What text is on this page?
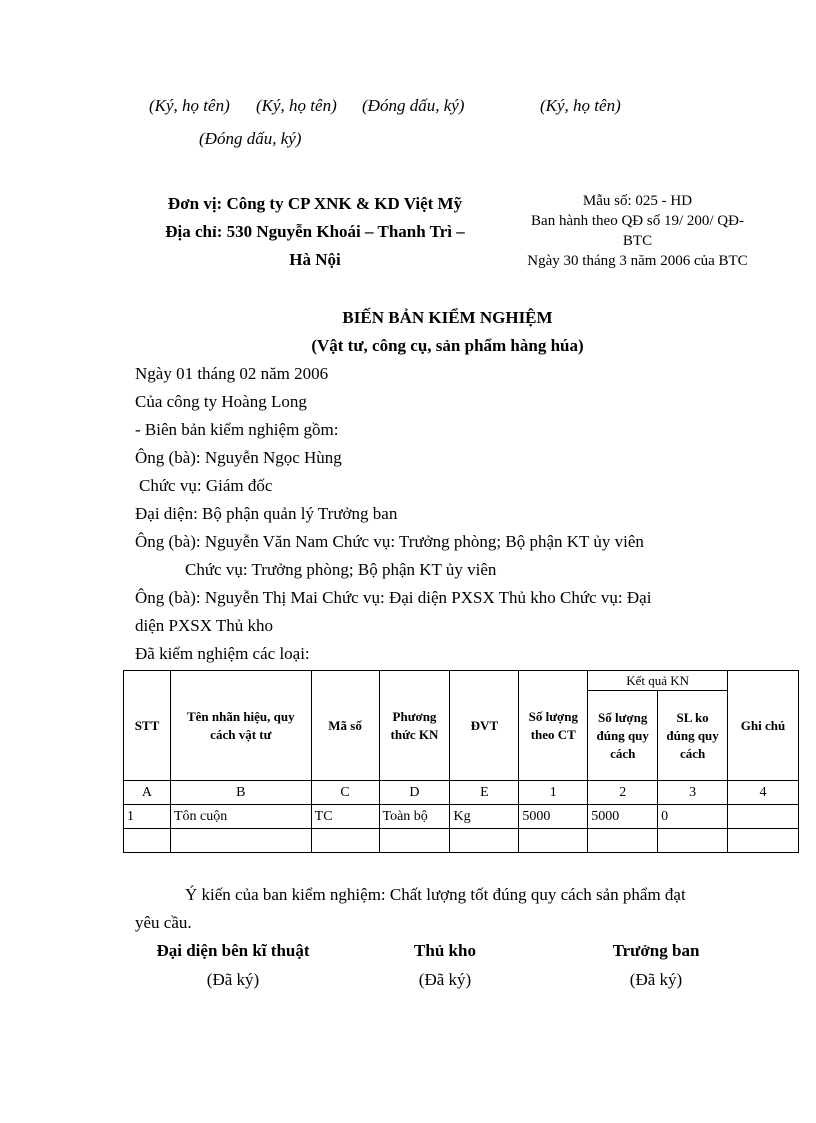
(Ký, họ tên) (Ký, họ tên) (Đóng dấu, ký)	(Ký, họ tên)
(Đóng dấu, ký)
Đơn vị: Công ty CP XNK & KD Việt Mỹ
Địa chỉ: 530 Nguyễn Khoái – Thanh Trì –
Hà Nội
Mẫu số: 025 - HD
Ban hành theo QĐ số 19/ 200/ QĐ-
BTC
Ngày 30 tháng 3 năm 2006 của BTC
BIẾN BẢN KIỂM NGHIỆM
(Vật tư, công cụ, sản phẩm hàng húa)
Ngày 01 tháng 02 năm 2006
Của công ty Hoàng Long
- Biên bản kiểm nghiệm gồm:
Ông (bà): Nguyễn Ngọc Hùng
Chức vụ: Giám đốc
Đại diện: Bộ phận quản lý Trưởng ban
Ông (bà): Nguyễn Văn Nam Chức vụ: Trưởng phòng; Bộ phận KT ủy viên
Chức vụ: Trưởng phòng; Bộ phận KT ủy viên
Ông (bà): Nguyễn Thị Mai Chức vụ: Đại diện PXSX Thủ kho Chức vụ: Đại
diện PXSX Thủ kho
Đã kiểm nghiệm các loại:
STT	Tên nhãn hiệu, quy cách vật tư	Mã số	Phương thức KN	ĐVT	Số lượng theo CT	Kết quả KN		Ghi chú
						Số lượng đúng quy cách	SL ko đúng quy cách	
A	B	C	D	E	1	2	3	4
1	Tôn cuộn	TC	Toàn bộ	Kg	5000	5000	0	

Ý kiến của ban kiểm nghiệm: Chất lượng tốt đúng quy cách sản phẩm đạt
yêu cầu.
Đại diện bên kĩ thuật
(Đã ký)
Thủ kho
(Đã ký)
Trưởng ban
(Đã ký)
